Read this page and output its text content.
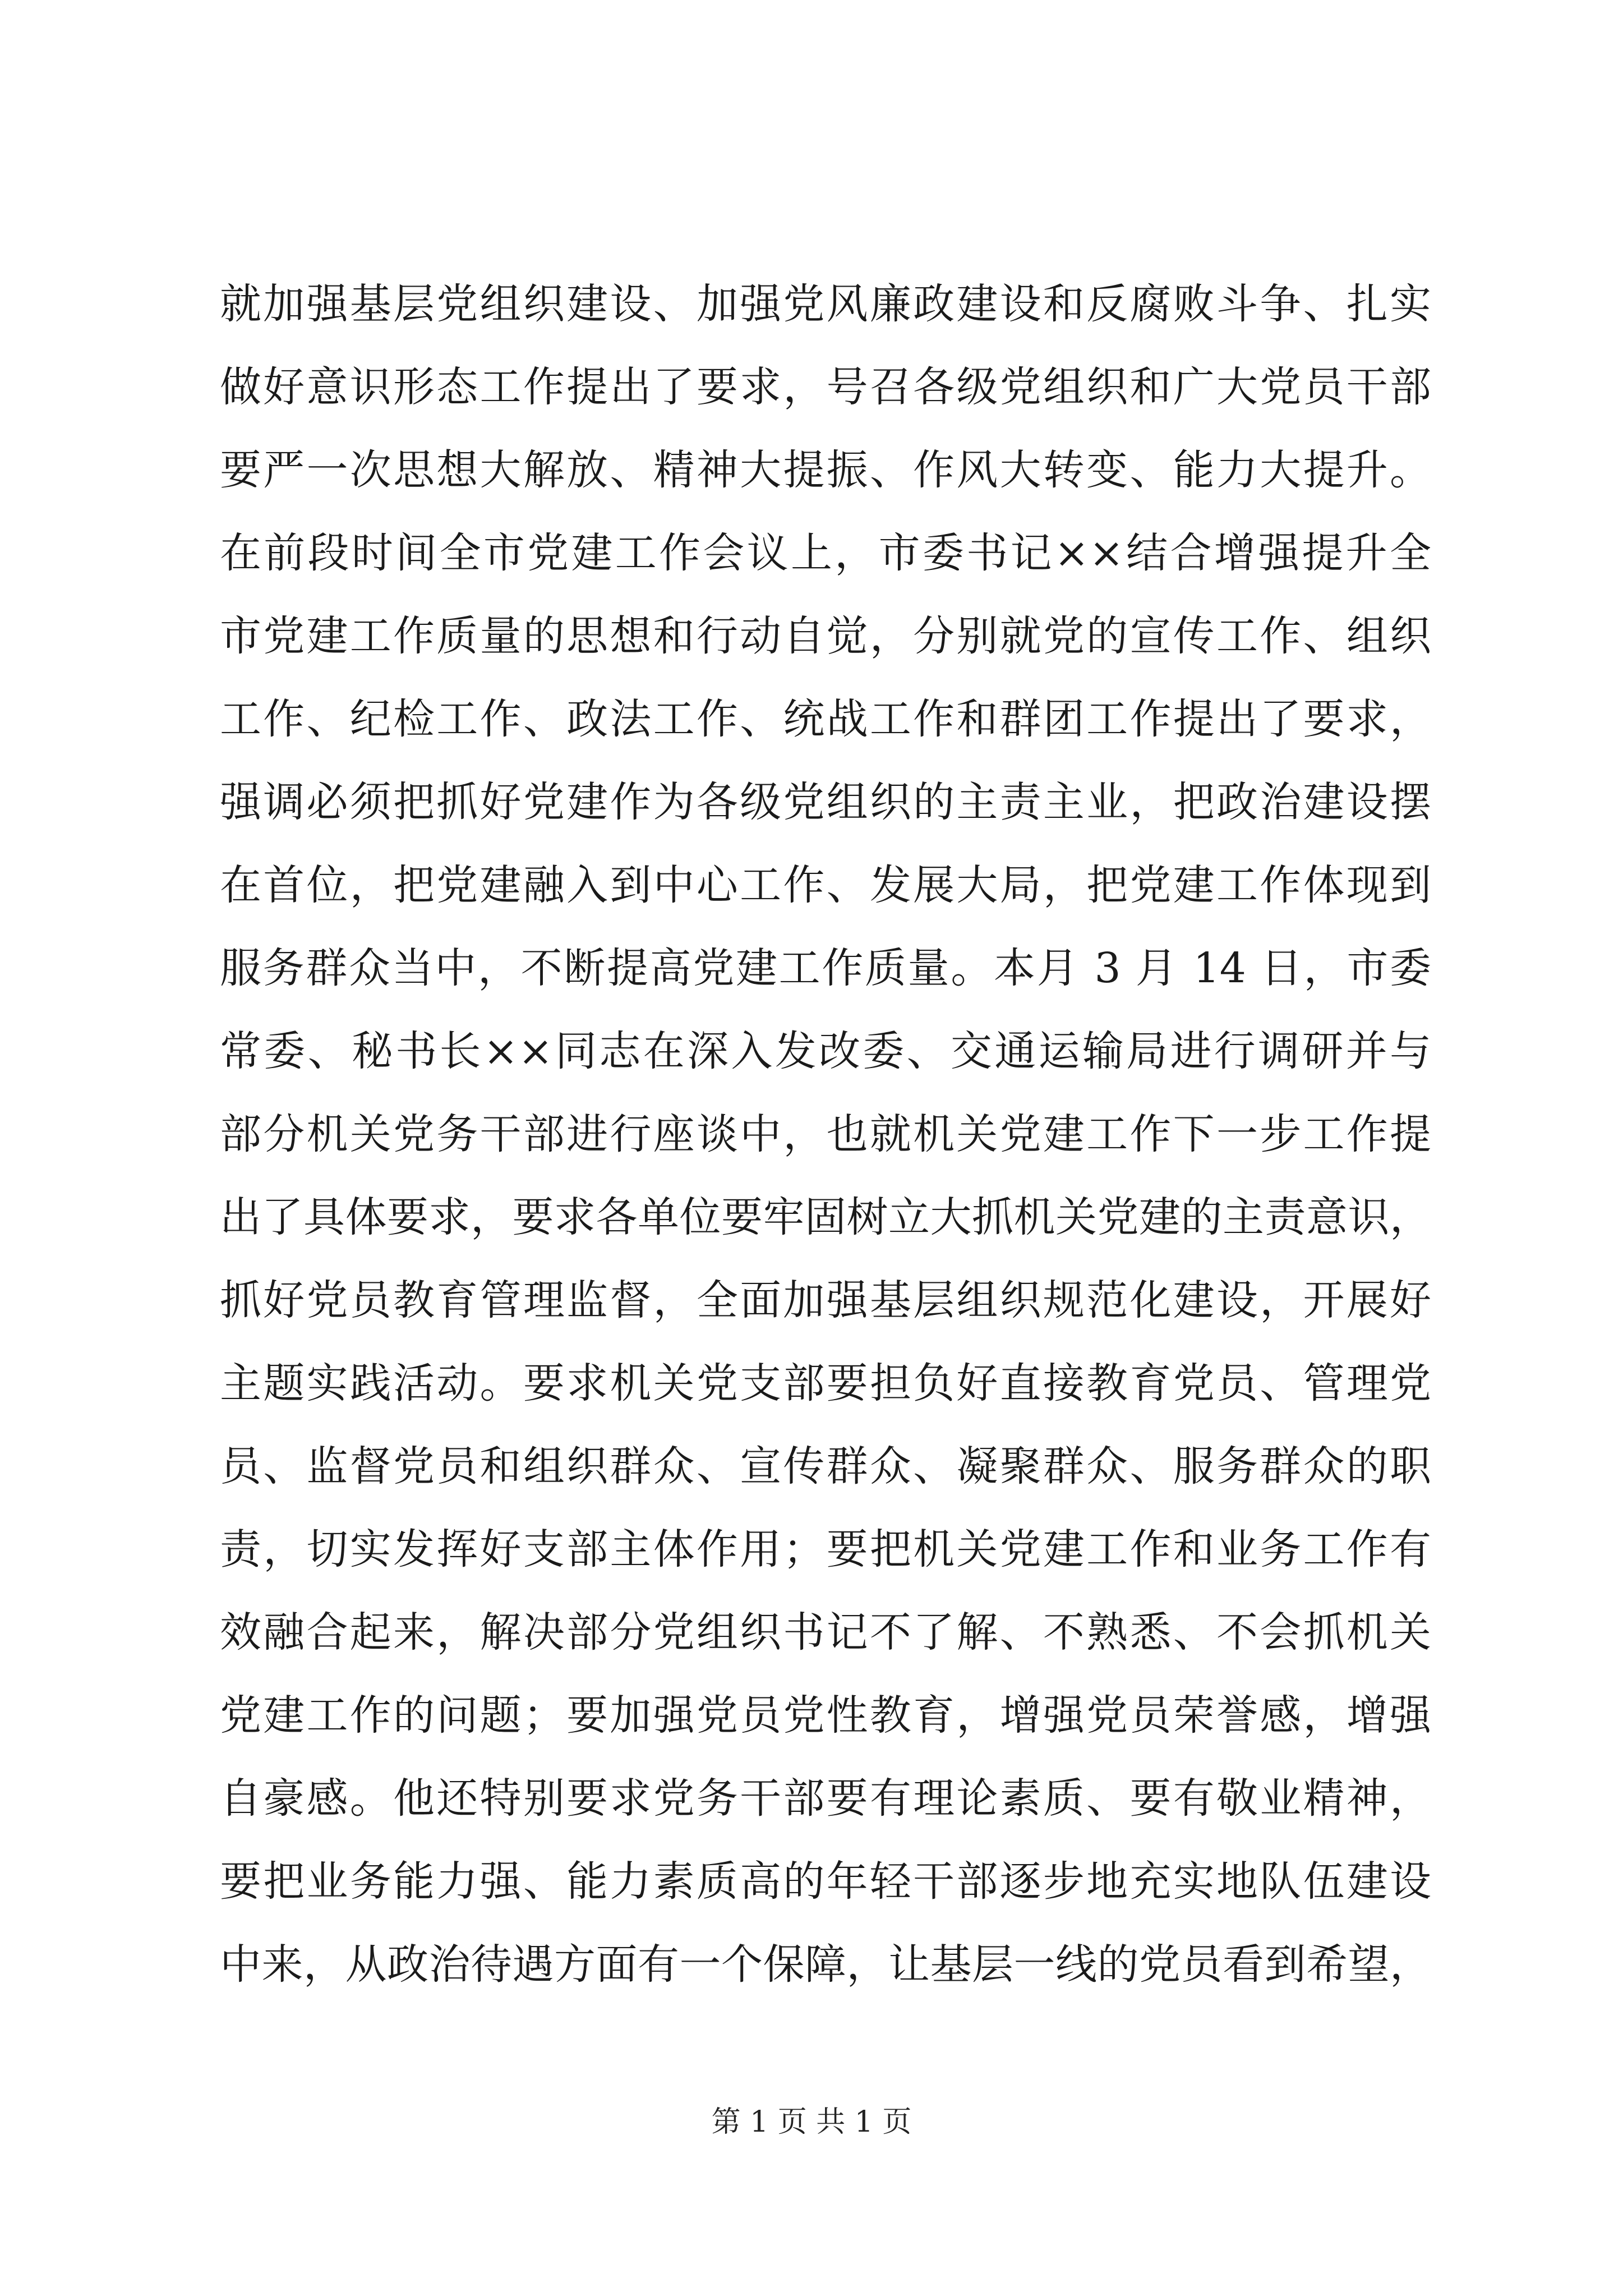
就加强基层党组织建设、加强党风廉政建设和反腐败斗争、扎实
做好意识形态工作提出了要求，号召各级党组织和广大党员干部
要严一次思想大解放、精神大提振、作风大转变、能力大提升。
在前段时间全市党建工作会议上，市委书记××结合增强提升全
市党建工作质量的思想和行动自觉，分别就党的宣传工作、组织
工作、纪检工作、政法工作、统战工作和群团工作提出了要求，
强调必须把抓好党建作为各级党组织的主责主业，把政治建设摆
在首位，把党建融入到中心工作、发展大局，把党建工作体现到
服务群众当中，不断提高党建工作质量。本月 3 月 14 日，市委
常委、秘书长××同志在深入发改委、交通运输局进行调研并与
部分机关党务干部进行座谈中，也就机关党建工作下一步工作提
出了具体要求，要求各单位要牢固树立大抓机关党建的主责意识，
抓好党员教育管理监督，全面加强基层组织规范化建设，开展好
主题实践活动。要求机关党支部要担负好直接教育党员、管理党
员、监督党员和组织群众、宣传群众、凝聚群众、服务群众的职
责，切实发挥好支部主体作用；要把机关党建工作和业务工作有
效融合起来，解决部分党组织书记不了解、不熟悉、不会抓机关
党建工作的问题；要加强党员党性教育，增强党员荣誉感，增强
自豪感。他还特别要求党务干部要有理论素质、要有敬业精神，
要把业务能力强、能力素质高的年轻干部逐步地充实地队伍建设
中来，从政治待遇方面有一个保障，让基层一线的党员看到希望，
第 1 页 共 1 页
